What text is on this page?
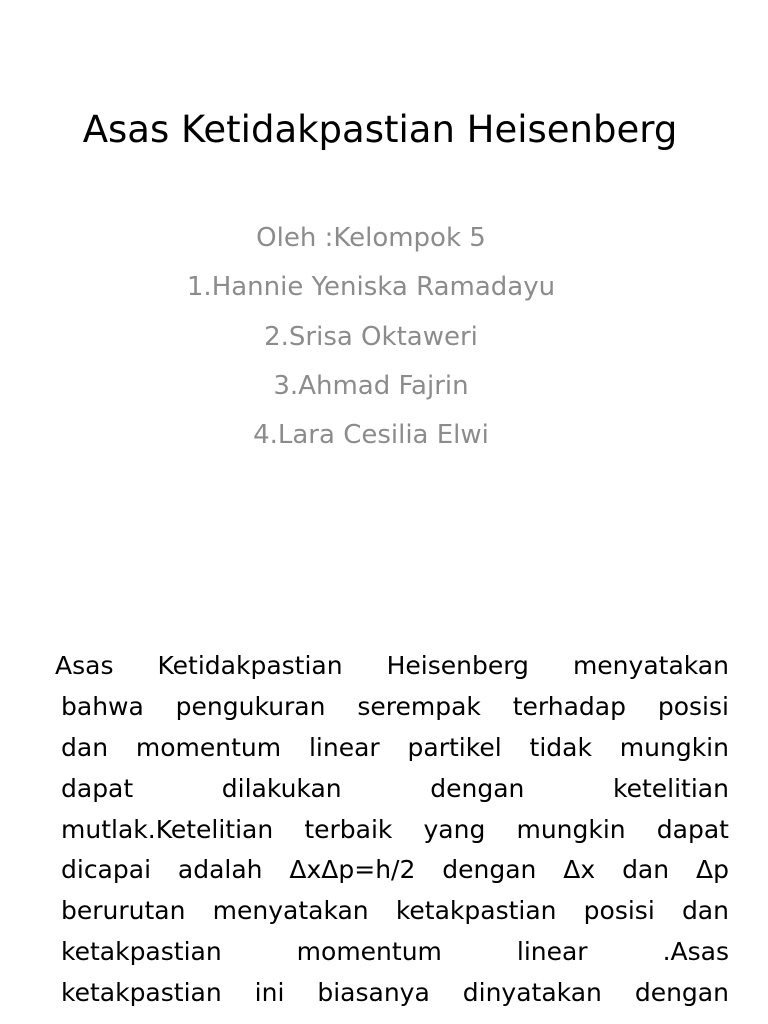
Asas Ketidakpastian Heisenberg
Oleh :Kelompok 5
1.Hannie Yeniska Ramadayu
2.Srisa Oktaweri
3.Ahmad Fajrin
4.Lara Cesilia Elwi
Asas Ketidakpastian Heisenberg menyatakan
bahwa pengukuran serempak terhadap posisi
dan momentum linear partikel tidak mungkin
dapat	dilakukan	dengan	ketelitian
mutlak.Ketelitian terbaik yang mungkin dapat
dicapai adalah ΔxΔp=h/2 dengan Δx dan Δp
berurutan menyatakan ketakpastian posisi dan
ketakpastian	momentum	linear	.Asas
ketakpastian ini biasanya dinyatakan dengan
